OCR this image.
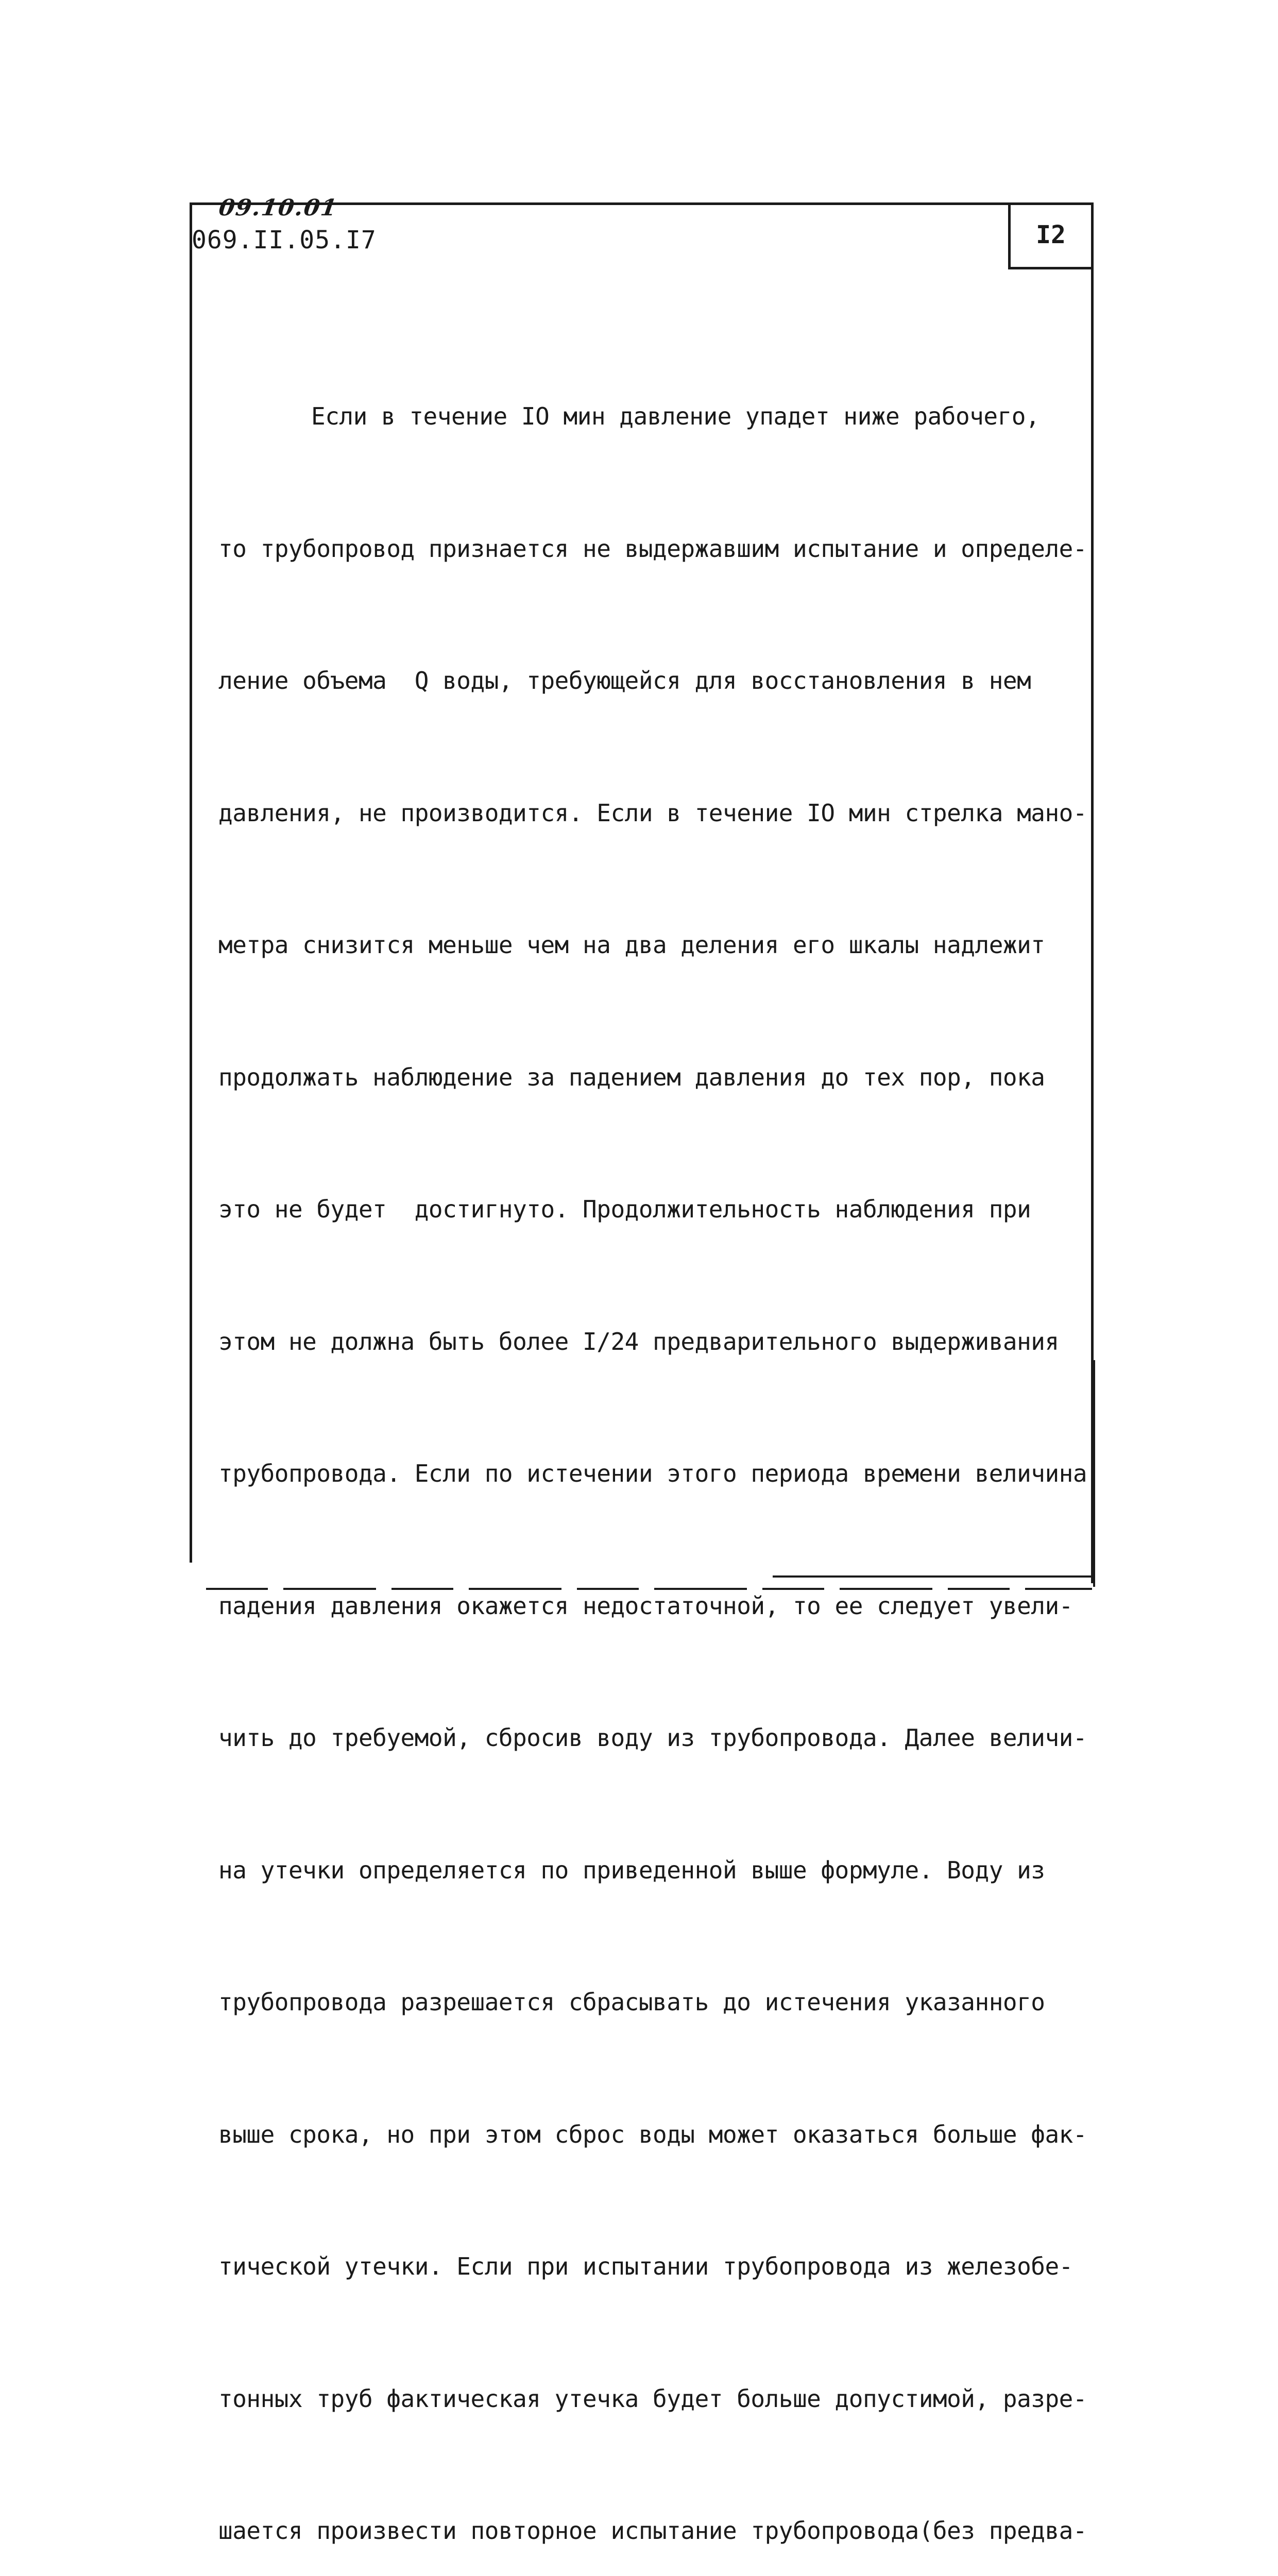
09.10.01
069.II.05.I7	I2

Если в течение IO мин давление упадет ниже рабочего,

то трубопровод признается не выдержавшим испытание и определе-

ление объема  Q воды, требующейся для восстановления в нем

давления, не производится. Если в течение IO мин стрелка мано-

метра снизится меньше чем на два деления его шкалы надлежит

продолжать наблюдение за падением давления до тех пор, пока

это не будет  достигнуто. Продолжительность наблюдения при

этом не должна быть более I/24 предварительного выдерживания

трубопровода. Если по истечении этого периода времени величина

падения давления окажется недостаточной, то ее следует увели-

чить до требуемой, сбросив воду из трубопровода. Далее величи-

на утечки определяется по приведенной выше формуле. Воду из

трубопровода разрешается сбрасывать до истечения указанного

выше срока, но при этом сброс воды может оказаться больше фак-

тической утечки. Если при испытании трубопровода из железобе-

тонных труб фактическая утечка будет больше допустимой, разре-

шается произвести повторное испытание трубопровода(без предва-
